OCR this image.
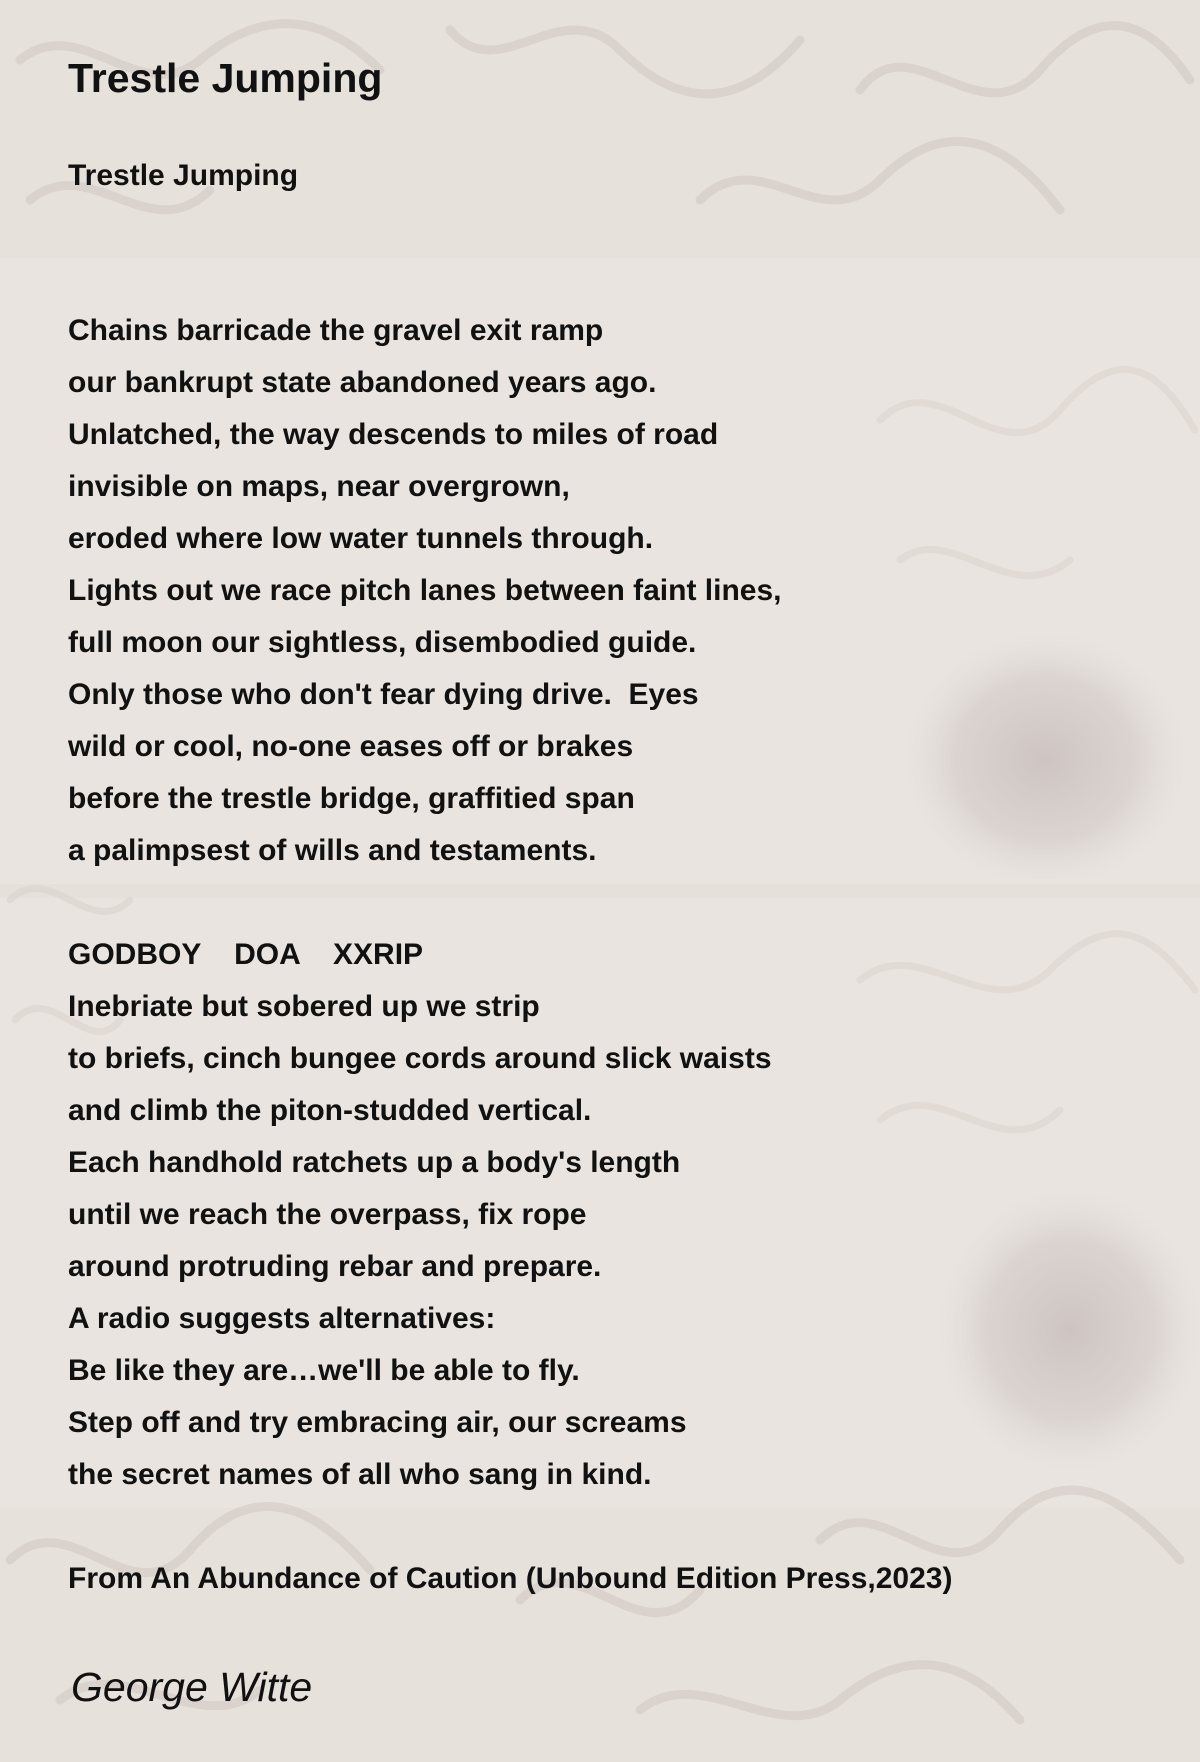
Trestle Jumping
Trestle Jumping
Chains barricade the gravel exit ramp
our bankrupt state abandoned years ago.
Unlatched, the way descends to miles of road
invisible on maps, near overgrown,
eroded where low water tunnels through.
Lights out we race pitch lanes between faint lines,
full moon our sightless, disembodied guide.
Only those who don't fear dying drive.  Eyes
wild or cool, no-one eases off or brakes
before the trestle bridge, graffitied span
a palimpsest of wills and testaments.
GODBOY    DOA    XXRIP
Inebriate but sobered up we strip
to briefs, cinch bungee cords around slick waists
and climb the piton-studded vertical.
Each handhold ratchets up a body's length
until we reach the overpass, fix rope
around protruding rebar and prepare.
A radio suggests alternatives:
Be like they are…we'll be able to fly.
Step off and try embracing air, our screams
the secret names of all who sang in kind.

From An Abundance of Caution (Unbound Edition Press,2023)

George Witte
